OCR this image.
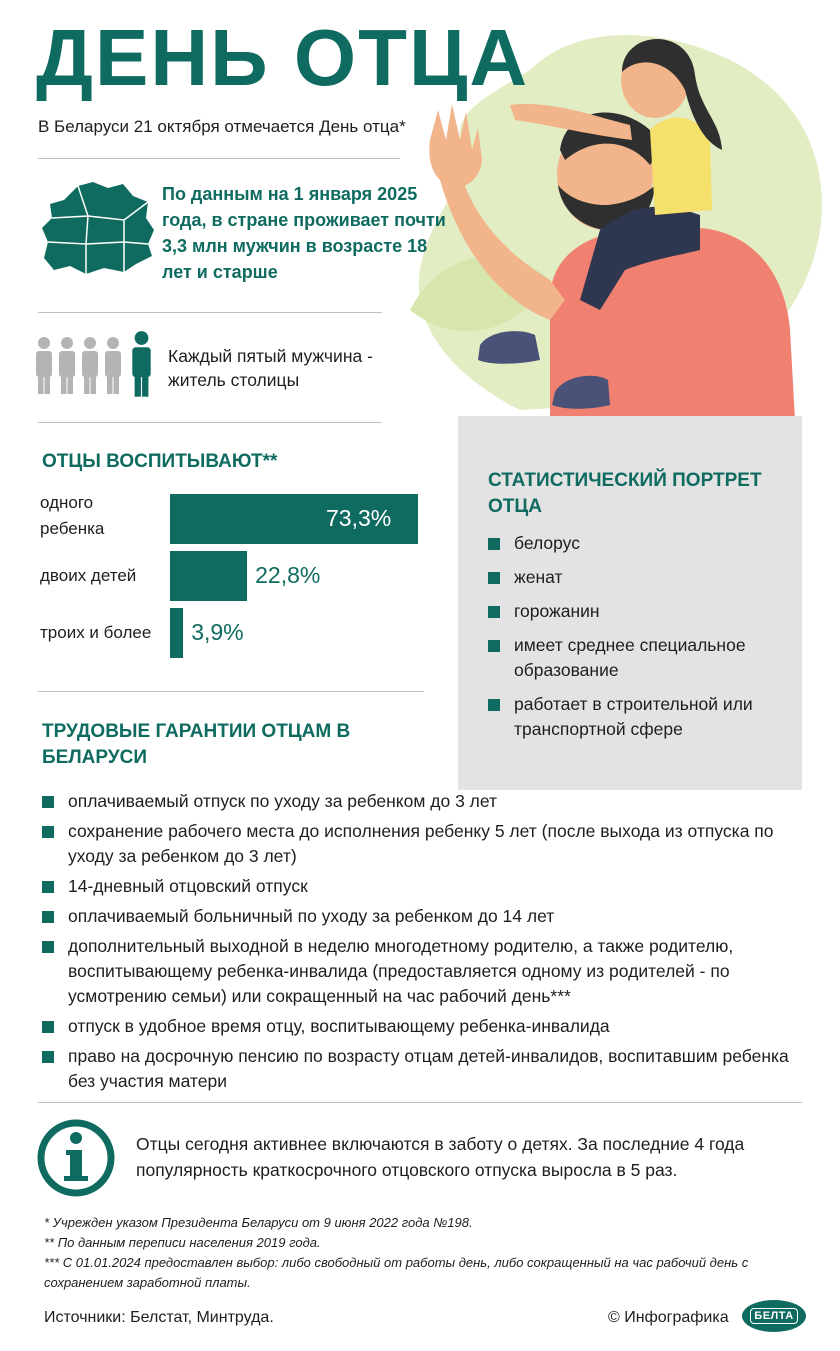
ДЕНЬ ОТЦА
В Беларуси 21 октября отмечается День отца*
По данным на 1 января 2025 года, в стране проживает почти 3,3 млн мужчин в возрасте 18 лет и старше
Каждый пятый мужчина - житель столицы
ОТЦЫ ВОСПИТЫВАЮТ**
одного ребенка	73,3%
двоих детей	22,8%
троих и более	3,9%
СТАТИСТИЧЕСКИЙ ПОРТРЕТ ОТЦА
белорус
женат
горожанин
имеет среднее специальное образование
работает в строительной или транспортной сфере
ТРУДОВЫЕ ГАРАНТИИ ОТЦАМ В БЕЛАРУСИ
оплачиваемый отпуск по уходу за ребенком до 3 лет
сохранение рабочего места до исполнения ребенку 5 лет (после выхода из отпуска по уходу за ребенком до 3 лет)
14-дневный отцовский отпуск
оплачиваемый больничный по уходу за ребенком до 14 лет
дополнительный выходной в неделю многодетному родителю, а также родителю, воспитывающему ребенка-инвалида (предоставляется одному из родителей - по усмотрению семьи) или сокращенный на час рабочий день***
отпуск в удобное время отцу, воспитывающему ребенка-инвалида
право на досрочную пенсию по возрасту отцам детей-инвалидов, воспитавшим ребенка без участия матери
Отцы сегодня активнее включаются в заботу о детях. За последние 4 года популярность краткосрочного отцовского отпуска выросла в 5 раз.
* Учрежден указом Президента Беларуси от 9 июня 2022 года №198.
** По данным переписи населения 2019 года.
*** С 01.01.2024 предоставлен выбор: либо свободный от работы день, либо сокращенный на час рабочий день с сохранением заработной платы.
Источники: Белстат, Минтруда.	© Инфографика	БЕЛТА
